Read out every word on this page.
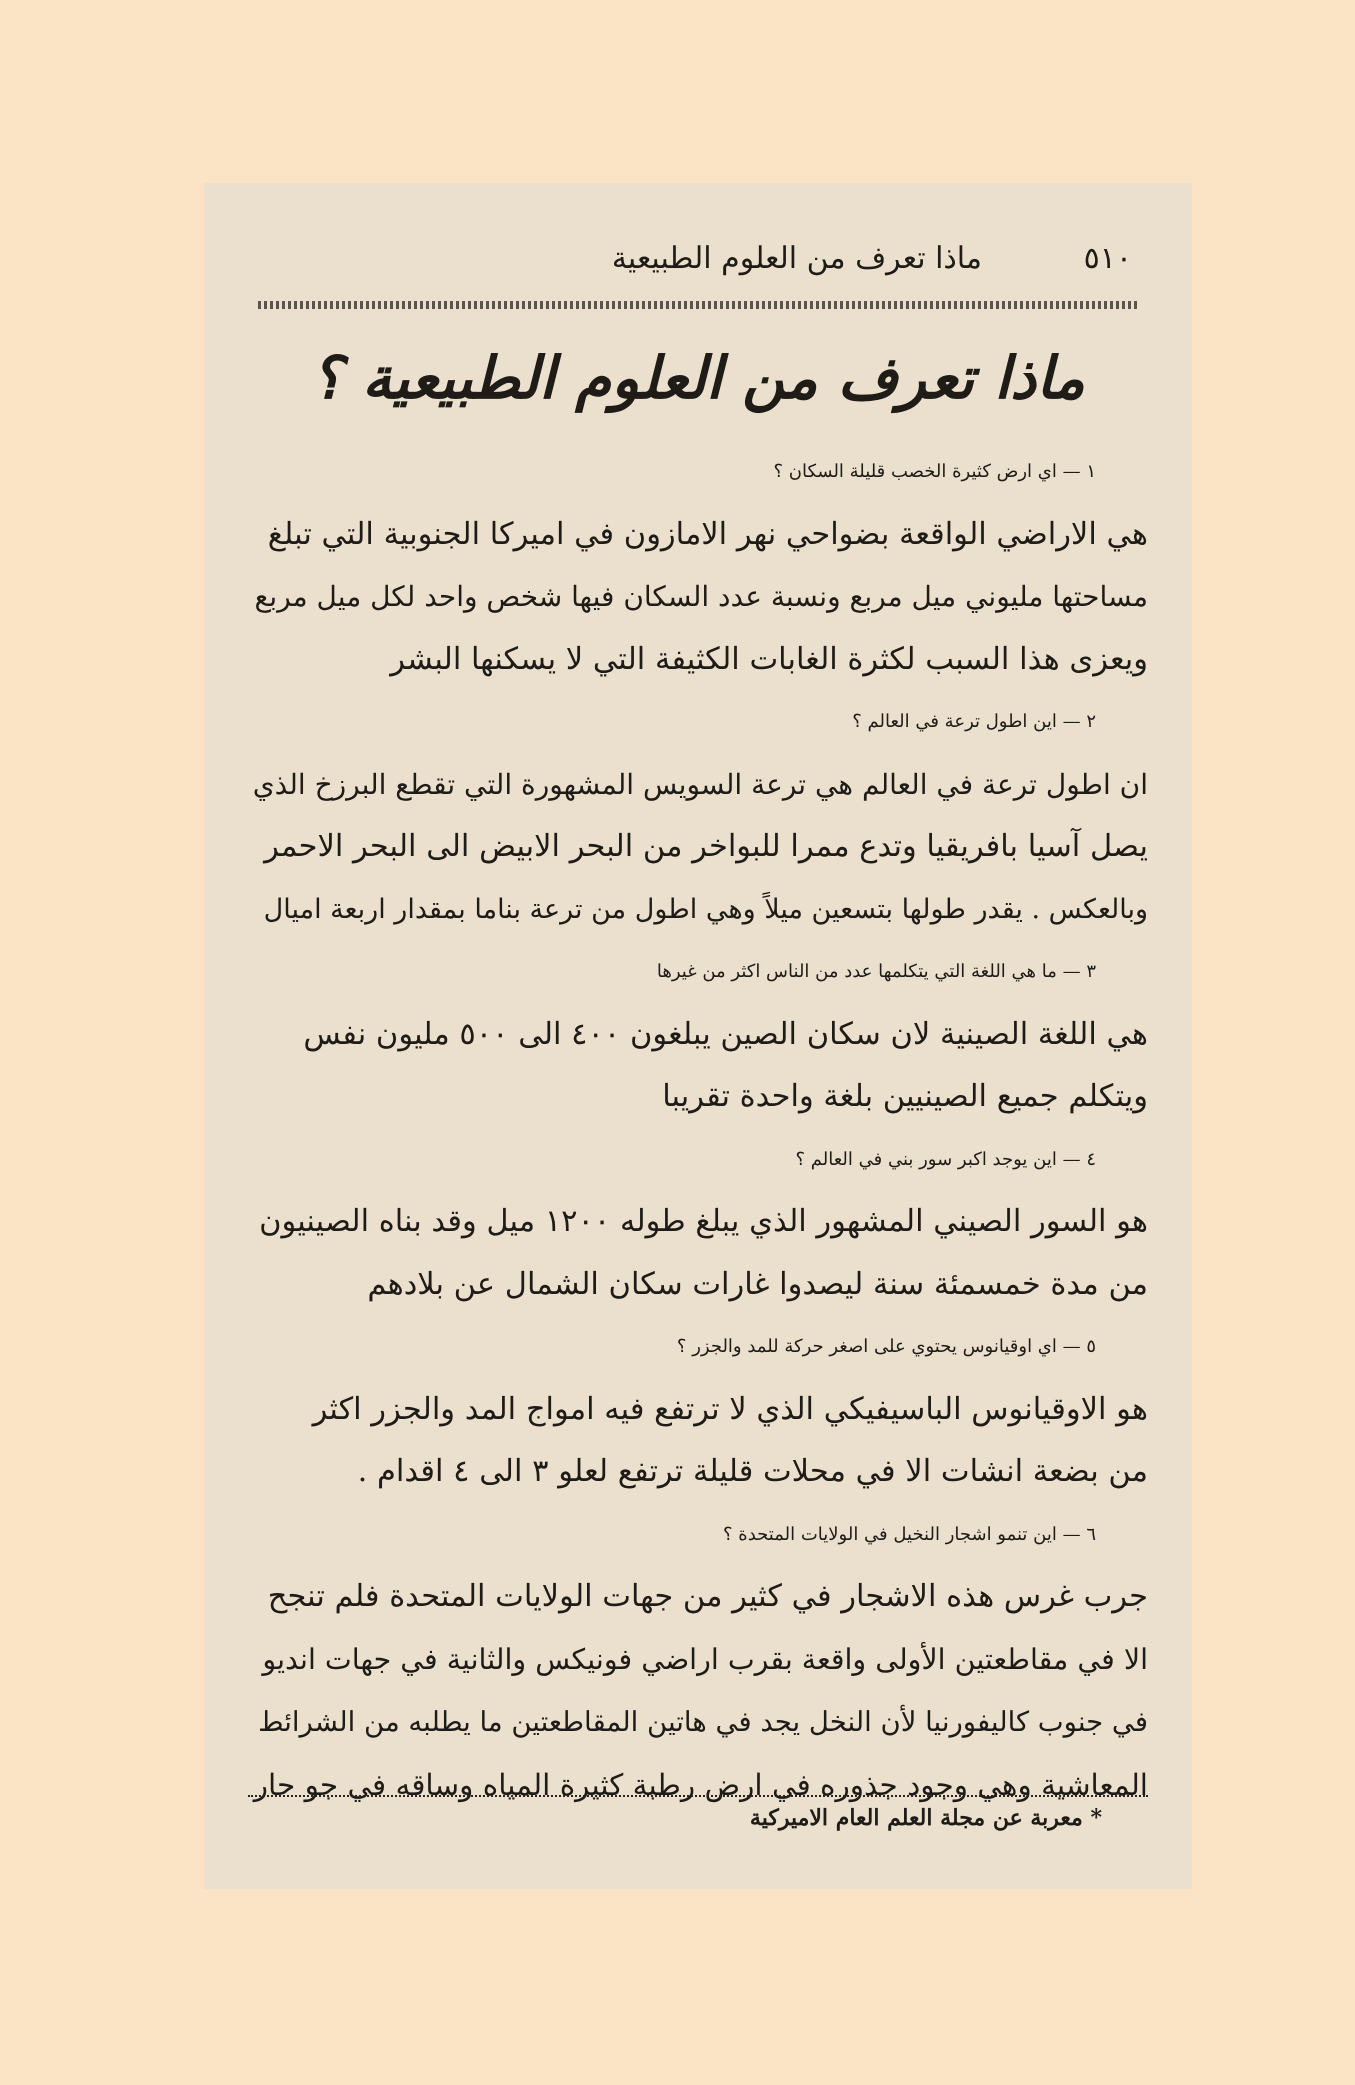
٥١٠
ماذا تعرف من العلوم الطبيعية
ماذا تعرف من العلوم الطبيعية ؟
١ — اي ارض كثيرة الخصب قليلة السكان ؟
هي الاراضي الواقعة بضواحي نهر الامازون في اميركا الجنوبية التي تبلغ
مساحتها مليوني ميل مربع ونسبة عدد السكان فيها شخص واحد لكل ميل مربع
ويعزى هذا السبب لكثرة الغابات الكثيفة التي لا يسكنها البشر
٢ — اين اطول ترعة في العالم ؟
ان اطول ترعة في العالم هي ترعة السويس المشهورة التي تقطع البرزخ الذي
يصل آسيا بافريقيا وتدع ممرا للبواخر من البحر الابيض الى البحر الاحمر
وبالعكس . يقدر طولها بتسعين ميلاً وهي اطول من ترعة بناما بمقدار اربعة اميال
٣ — ما هي اللغة التي يتكلمها عدد من الناس اكثر من غيرها
هي اللغة الصينية لان سكان الصين يبلغون ٤٠٠ الى ٥٠٠ مليون نفس
ويتكلم جميع الصينيين بلغة واحدة تقريبا
٤ — اين يوجد اكبر سور بني في العالم ؟
هو السور الصيني المشهور الذي يبلغ طوله ١٢٠٠ ميل وقد بناه الصينيون
من مدة خمسمئة سنة ليصدوا غارات سكان الشمال عن بلادهم
٥ — اي اوقيانوس يحتوي على اصغر حركة للمد والجزر ؟
هو الاوقيانوس الباسيفيكي الذي لا ترتفع فيه امواج المد والجزر اكثر
من بضعة انشات الا في محلات قليلة ترتفع لعلو ٣ الى ٤ اقدام .
٦ — اين تنمو اشجار النخيل في الولايات المتحدة ؟
جرب غرس هذه الاشجار في كثير من جهات الولايات المتحدة فلم تنجح
الا في مقاطعتين الأولى واقعة بقرب اراضي فونيكس والثانية في جهات انديو
في جنوب كاليفورنيا لأن النخل يجد في هاتين المقاطعتين ما يطلبه من الشرائط
المعاشية وهي وجود جذوره في ارض رطبة كثيرة المياه وساقه في جو حار
* معربة عن مجلة العلم العام الاميركية
